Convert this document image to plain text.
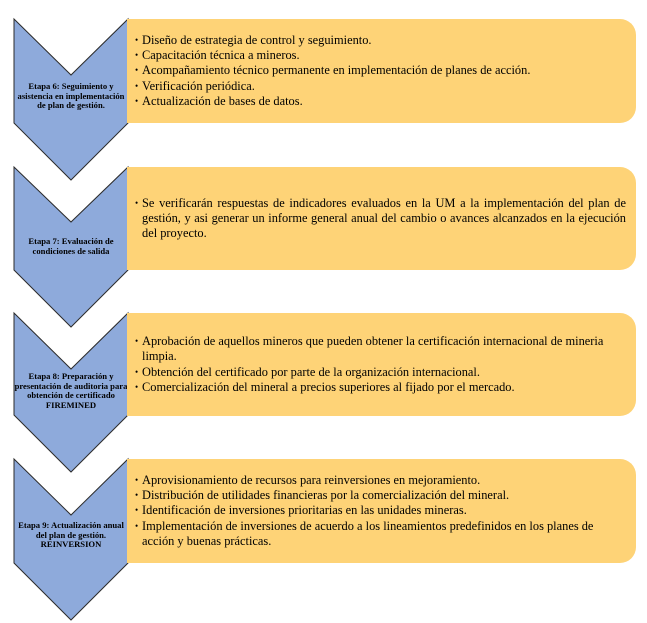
Etapa 6: Seguimiento y asistencia en implementación de plan de gestión.
• Diseño de estrategia de control y seguimiento.
• Capacitación técnica a mineros.
• Acompañamiento técnico permanente en implementación de planes de acción.
• Verificación periódica.
• Actualización de bases de datos.
Etapa 7: Evaluación de condiciones de salida
• Se verificarán respuestas de indicadores evaluados en la UM a la implementación del plan de gestión, y asi generar un informe general anual del cambio o avances alcanzados en la ejecución del proyecto.
Etapa 8: Preparación y presentación de auditoria para obtención de certificado FIREMINED
• Aprobación de aquellos mineros que pueden obtener la certificación internacional de mineria limpia.
• Obtención del certificado por parte de la organización internacional.
• Comercialización del mineral a precios superiores al fijado por el mercado.
Etapa 9: Actualización anual del plan de gestión. REINVERSION
• Aprovisionamiento de recursos para reinversiones en mejoramiento.
• Distribución de utilidades financieras por la comercialización del mineral.
• Identificación de inversiones prioritarias en las unidades mineras.
• Implementación de inversiones de acuerdo a los lineamientos predefinidos en los planes de acción y buenas prácticas.
